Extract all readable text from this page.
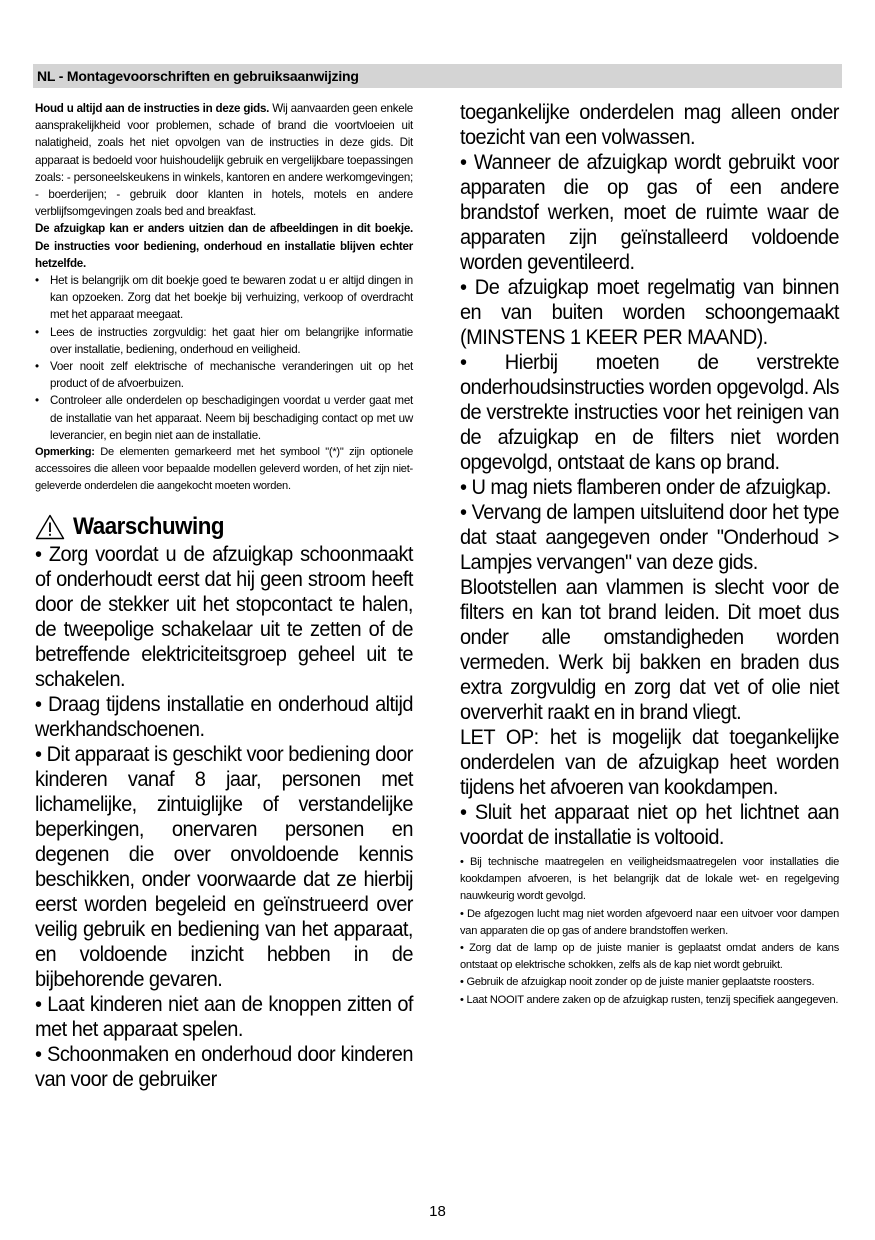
NL - Montagevoorschriften en gebruiksaanwijzing

Houd u altijd aan de instructies in deze gids. Wij aanvaarden geen enkele aansprakelijkheid voor problemen, schade of brand die voortvloeien uit nalatigheid, zoals het niet opvolgen van de instructies in deze gids. Dit apparaat is bedoeld voor huishoudelijk gebruik en vergelijkbare toepassingen zoals: - personeelskeukens in winkels, kantoren en andere werkomgevingen; - boerderijen; - gebruik door klanten in hotels, motels en andere verblijfsomgevingen zoals bed and breakfast.

De afzuigkap kan er anders uitzien dan de afbeeldingen in dit boekje. De instructies voor bediening, onderhoud en installatie blijven echter hetzelfde.

• Het is belangrijk om dit boekje goed te bewaren zodat u er altijd dingen in kan opzoeken. Zorg dat het boekje bij verhuizing, verkoop of overdracht met het apparaat meegaat.
• Lees de instructies zorgvuldig: het gaat hier om belangrijke informatie over installatie, bediening, onderhoud en veiligheid.
• Voer nooit zelf elektrische of mechanische veranderingen uit op het product of de afvoerbuizen.
• Controleer alle onderdelen op beschadigingen voordat u verder gaat met de installatie van het apparaat. Neem bij beschadiging contact op met uw leverancier, en begin niet aan de installatie.

Opmerking: De elementen gemarkeerd met het symbool "(*)" zijn optionele accessoires die alleen voor bepaalde modellen geleverd worden, of het zijn niet-geleverde onderdelen die aangekocht moeten worden.

Waarschuwing

• Zorg voordat u de afzuigkap schoonmaakt of onderhoudt eerst dat hij geen stroom heeft door de stekker uit het stopcontact te halen, de tweepolige schakelaar uit te zetten of de betreffende elektriciteitsgroep geheel uit te schakelen.

• Draag tijdens installatie en onderhoud altijd werkhandschoenen.

• Dit apparaat is geschikt voor bediening door kinderen vanaf 8 jaar, personen met lichamelijke, zintuiglijke of verstandelijke beperkingen, onervaren personen en degenen die over onvoldoende kennis beschikken, onder voorwaarde dat ze hierbij eerst worden begeleid en geïnstrueerd over veilig gebruik en bediening van het apparaat, en voldoende inzicht hebben in de bijbehorende gevaren.

• Laat kinderen niet aan de knoppen zitten of met het apparaat spelen.

• Schoonmaken en onderhoud door kinderen van voor de gebruiker

toegankelijke onderdelen mag alleen onder toezicht van een volwassen.

• Wanneer de afzuigkap wordt gebruikt voor apparaten die op gas of een andere brandstof werken, moet de ruimte waar de apparaten zijn geïnstalleerd voldoende worden geventileerd.

• De afzuigkap moet regelmatig van binnen en van buiten worden schoongemaakt (MINSTENS 1 KEER PER MAAND).

• Hierbij moeten de verstrekte onderhoudsinstructies worden opgevolgd. Als de verstrekte instructies voor het reinigen van de afzuigkap en de filters niet worden opgevolgd, ontstaat de kans op brand.

• U mag niets flamberen onder de afzuigkap.

• Vervang de lampen uitsluitend door het type dat staat aangegeven onder "Onderhoud > Lampjes vervangen" van deze gids.

Blootstellen aan vlammen is slecht voor de filters en kan tot brand leiden. Dit moet dus onder alle omstandigheden worden vermeden. Werk bij bakken en braden dus extra zorgvuldig en zorg dat vet of olie niet oververhit raakt en in brand vliegt.

LET OP: het is mogelijk dat toegankelijke onderdelen van de afzuigkap heet worden tijdens het afvoeren van kookdampen.

• Sluit het apparaat niet op het lichtnet aan voordat de installatie is voltooid.

• Bij technische maatregelen en veiligheidsmaatregelen voor installaties die kookdampen afvoeren, is het belangrijk dat de lokale wet- en regelgeving nauwkeurig wordt gevolgd.

• De afgezogen lucht mag niet worden afgevoerd naar een uitvoer voor dampen van apparaten die op gas of andere brandstoffen werken.

• Zorg dat de lamp op de juiste manier is geplaatst omdat anders de kans ontstaat op elektrische schokken, zelfs als de kap niet wordt gebruikt.

• Gebruik de afzuigkap nooit zonder op de juiste manier geplaatste roosters.

• Laat NOOIT andere zaken op de afzuigkap rusten, tenzij specifiek aangegeven.

18
